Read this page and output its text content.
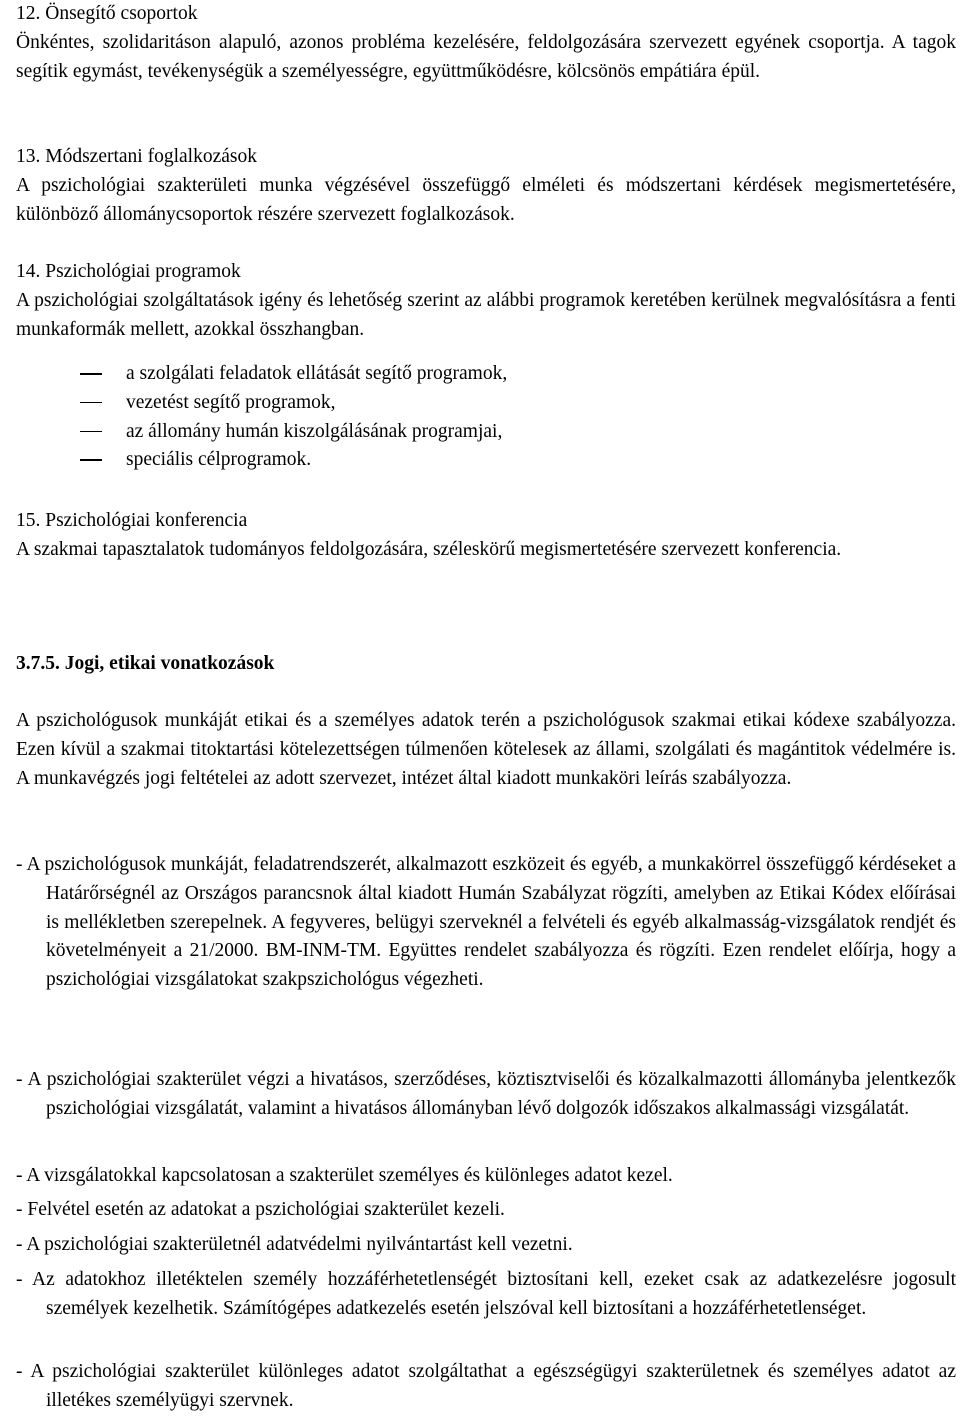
12. Önsegítő csoportok

Önkéntes, szolidaritáson alapuló, azonos probléma kezelésére, feldolgozására szervezett egyének csoportja. A tagok segítik egymást, tevékenységük a személyességre, együttműködésre, kölcsönös empátiára épül.

13. Módszertani foglalkozások

A pszichológiai szakterületi munka végzésével összefüggő elméleti és módszertani kérdések megismertetésére, különböző állománycsoportok részére szervezett foglalkozások.

14. Pszichológiai programok

A pszichológiai szolgáltatások igény és lehetőség szerint az alábbi programok keretében kerülnek megvalósításra a fenti munkaformák mellett, azokkal összhangban.

a szolgálati feladatok ellátását segítő programok,
vezetést segítő programok,
az állomány humán kiszolgálásának programjai,
speciális célprogramok.

15. Pszichológiai konferencia

A szakmai tapasztalatok tudományos feldolgozására, széleskörű megismertetésére szervezett konferencia.

3.7.5. Jogi, etikai vonatkozások

A pszichológusok munkáját etikai és a személyes adatok terén a pszichológusok szakmai etikai kódexe szabályozza. Ezen kívül a szakmai titoktartási kötelezettségen túlmenően kötelesek az állami, szolgálati és magántitok védelmére is. A munkavégzés jogi feltételei az adott szervezet, intézet által kiadott munkaköri leírás szabályozza.

- A pszichológusok munkáját, feladatrendszerét, alkalmazott eszközeit és egyéb, a munkakörrel összefüggő kérdéseket a Határőrségnél az Országos parancsnok által kiadott Humán Szabályzat rögzíti, amelyben az Etikai Kódex előírásai is mellékletben szerepelnek. A fegyveres, belügyi szerveknél a felvételi és egyéb alkalmasság-vizsgálatok rendjét és követelményeit a 21/2000. BM-INM-TM. Együttes rendelet szabályozza és rögzíti. Ezen rendelet előírja, hogy a pszichológiai vizsgálatokat szakpszichológus végezheti.
- A pszichológiai szakterület végzi a hivatásos, szerződéses, köztisztviselői és közalkalmazotti állományba jelentkezők pszichológiai vizsgálatát, valamint a hivatásos állományban lévő dolgozók időszakos alkalmassági vizsgálatát.
- A vizsgálatokkal kapcsolatosan a szakterület személyes és különleges adatot kezel.
- Felvétel esetén az adatokat a pszichológiai szakterület kezeli.
- A pszichológiai szakterületnél adatvédelmi nyilvántartást kell vezetni.
- Az adatokhoz illetéktelen személy hozzáférhetetlenségét biztosítani kell, ezeket csak az adatkezelésre jogosult személyek kezelhetik. Számítógépes adatkezelés esetén jelszóval kell biztosítani a hozzáférhetetlenséget.
- A pszichológiai szakterület különleges adatot szolgáltathat a egészségügyi szakterületnek és személyes adatot az illetékes személyügyi szervnek.
